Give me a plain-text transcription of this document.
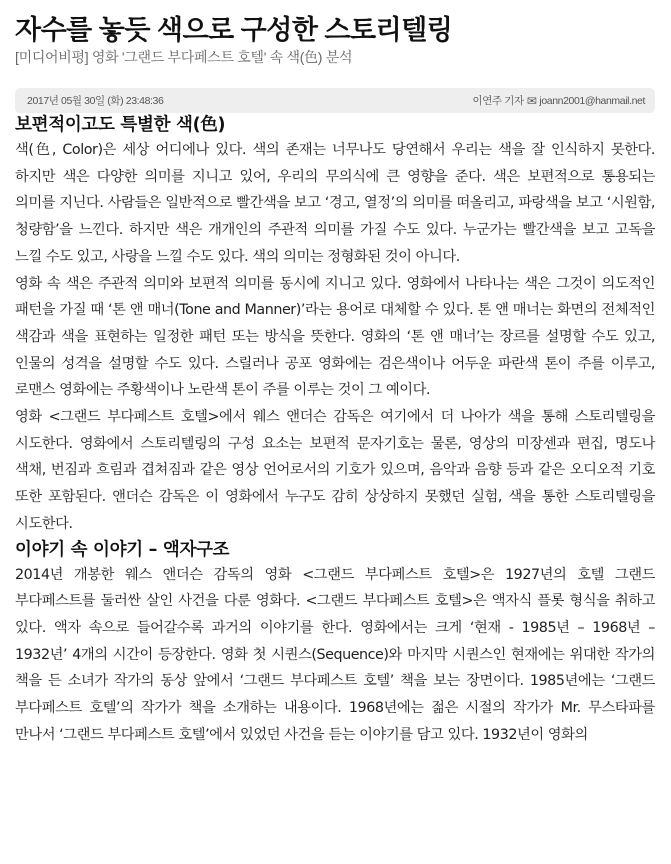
자수를 놓듯 색으로 구성한 스토리텔링
[미디어비평] 영화 '그랜드 부다페스트 호텔' 속 색(色) 분석
2017년 05월 30일 (화) 23:48:36	이연주 기자 ✉ joann2001@hanmail.net
보편적이고도 특별한 색(色)

색(色, Color)은 세상 어디에나 있다. 색의 존재는 너무나도 당연해서 우리는 색을 잘 인식하지 못한다. 하지만 색은 다양한 의미를 지니고 있어, 우리의 무의식에 큰 영향을 준다. 색은 보편적으로 통용되는 의미를 지닌다. 사람들은 일반적으로 빨간색을 보고 ‘경고, 열정’의 의미를 떠올리고, 파랑색을 보고 ‘시원함, 청량함’을 느낀다. 하지만 색은 개개인의 주관적 의미를 가질 수도 있다. 누군가는 빨간색을 보고 고독을 느낄 수도 있고, 사랑을 느낄 수도 있다. 색의 의미는 정형화된 것이 아니다.

영화 속 색은 주관적 의미와 보편적 의미를 동시에 지니고 있다. 영화에서 나타나는 색은 그것이 의도적인 패턴을 가질 때 ‘톤 앤 매너(Tone and Manner)’라는 용어로 대체할 수 있다. 톤 앤 매너는 화면의 전체적인 색감과 색을 표현하는 일정한 패턴 또는 방식을 뜻한다. 영화의 ‘톤 앤 매너’는 장르를 설명할 수도 있고, 인물의 성격을 설명할 수도 있다. 스릴러나 공포 영화에는 검은색이나 어두운 파란색 톤이 주를 이루고, 로맨스 영화에는 주황색이나 노란색 톤이 주를 이루는 것이 그 예이다.

영화 <그랜드 부다페스트 호텔>에서 웨스 앤더슨 감독은 여기에서 더 나아가 색을 통해 스토리텔링을 시도한다. 영화에서 스토리텔링의 구성 요소는 보편적 문자기호는 물론, 영상의 미장센과 편집, 명도나 색채, 번짐과 흐림과 겹쳐짐과 같은 영상 언어로서의 기호가 있으며, 음악과 음향 등과 같은 오디오적 기호 또한 포함된다. 앤더슨 감독은 이 영화에서 누구도 감히 상상하지 못했던 실험, 색을 통한 스토리텔링을 시도한다.

이야기 속 이야기 – 액자구조

2014년 개봉한 웨스 앤더슨 감독의 영화 <그랜드 부다페스트 호텔>은 1927년의 호텔 그랜드 부다페스트를 둘러싼 살인 사건을 다룬 영화다. <그랜드 부다페스트 호텔>은 액자식 플롯 형식을 취하고 있다. 액자 속으로 들어갈수록 과거의 이야기를 한다. 영화에서는 크게 ‘현재 - 1985년 – 1968년 – 1932년’ 4개의 시간이 등장한다. 영화 첫 시퀀스(Sequence)와 마지막 시퀀스인 현재에는 위대한 작가의 책을 든 소녀가 작가의 동상 앞에서 ‘그랜드 부다페스트 호텔’ 책을 보는 장면이다. 1985년에는 ‘그랜드 부다페스트 호텔’의 작가가 책을 소개하는 내용이다. 1968년에는 젊은 시절의 작가가 Mr. 무스타파를 만나서 ‘그랜드 부다페스트 호텔’에서 있었던 사건을 듣는 이야기를 담고 있다. 1932년이 영화의
